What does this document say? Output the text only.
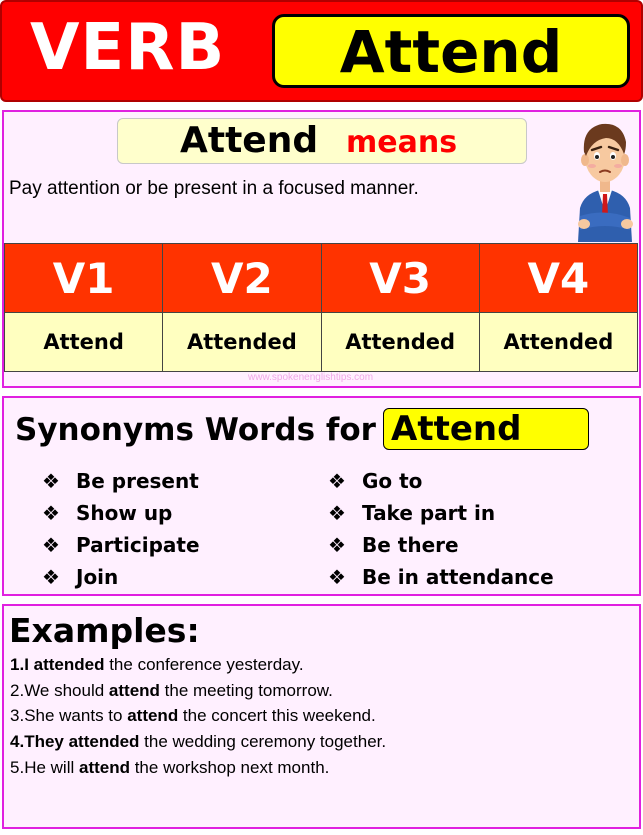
VERB	Attend
Attend means
Pay attention or be present in a focused manner.
V1	V2	V3	V4
Attend	Attended	Attended	Attended
www.spokenenglishtips.com
Synonyms Words for Attend
❖ Be present
❖ Show up
❖ Participate
❖ Join
❖ Go to
❖ Take part in
❖ Be there
❖ Be in attendance
Examples:
1.I attended the conference yesterday.
2.We should attend the meeting tomorrow.
3.She wants to attend the concert this weekend.
4.They attended the wedding ceremony together.
5.He will attend the workshop next month.
